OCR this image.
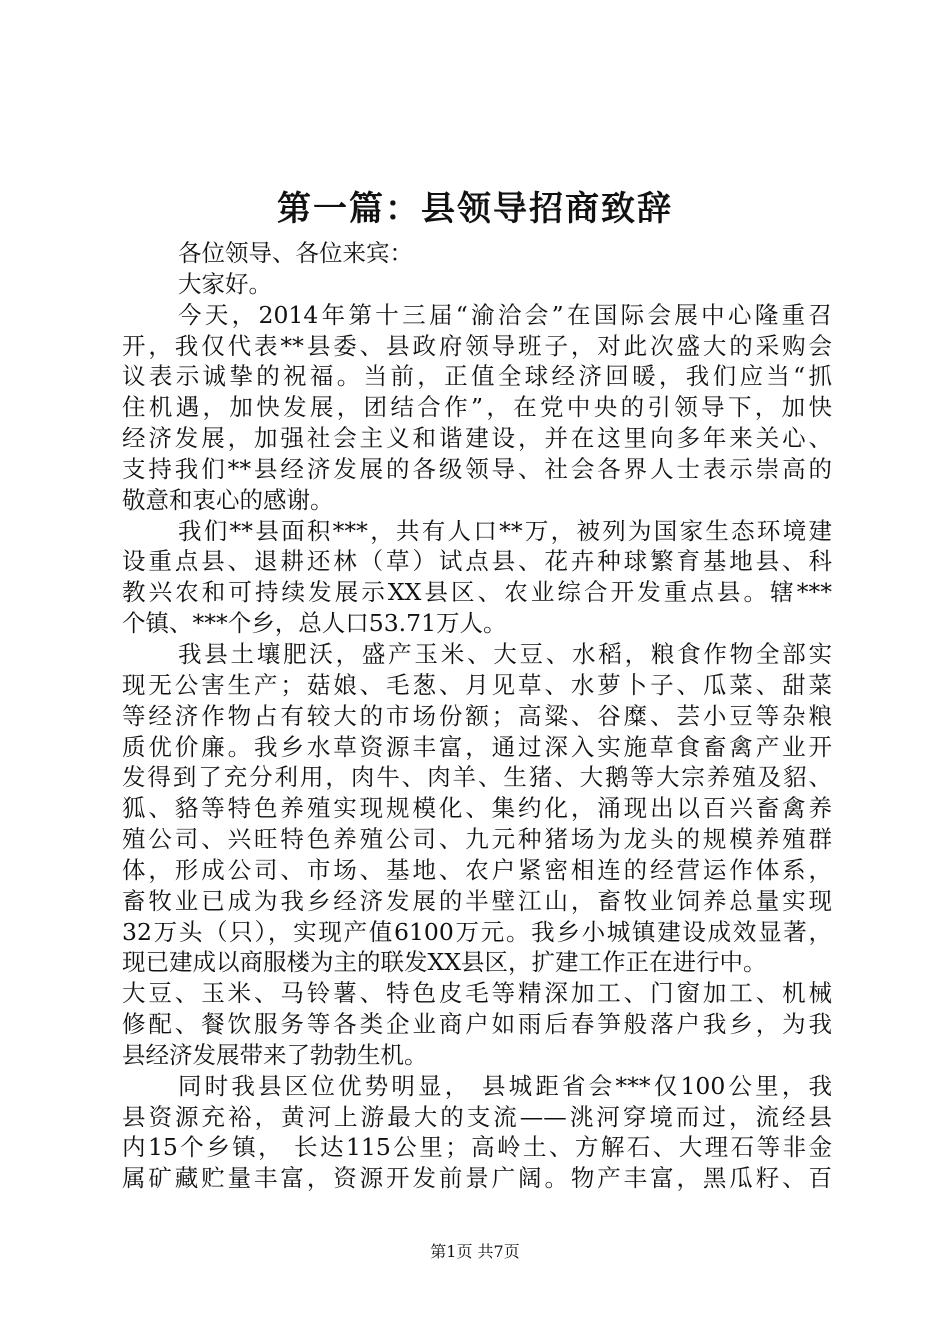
第一篇：县领导招商致辞
各位领导、各位来宾：
大家好。
今天，2014年第十三届“渝洽会”在国际会展中心隆重召
开，我仅代表**县委、县政府领导班子，对此次盛大的采购会
议表示诚挚的祝福。当前，正值全球经济回暖，我们应当“抓
住机遇，加快发展，团结合作”，在党中央的引领导下，加快
经济发展，加强社会主义和谐建设，并在这里向多年来关心、
支持我们**县经济发展的各级领导、社会各界人士表示崇高的
敬意和衷心的感谢。
我们**县面积***，共有人口**万，被列为国家生态环境建
设重点县、退耕还林（草）试点县、花卉种球繁育基地县、科
教兴农和可持续发展示XX县区、农业综合开发重点县。辖***
个镇、***个乡，总人口53.71万人。
我县土壤肥沃，盛产玉米、大豆、水稻，粮食作物全部实
现无公害生产；菇娘、毛葱、月见草、水萝卜子、瓜菜、甜菜
等经济作物占有较大的市场份额；高粱、谷糜、芸小豆等杂粮
质优价廉。我乡水草资源丰富，通过深入实施草食畜禽产业开
发得到了充分利用，肉牛、肉羊、生猪、大鹅等大宗养殖及貂、
狐、貉等特色养殖实现规模化、集约化，涌现出以百兴畜禽养
殖公司、兴旺特色养殖公司、九元种猪场为龙头的规模养殖群
体，形成公司、市场、基地、农户紧密相连的经营运作体系，
畜牧业已成为我乡经济发展的半壁江山，畜牧业饲养总量实现
32万头（只），实现产值6100万元。我乡小城镇建设成效显著，
现已建成以商服楼为主的联发XX县区，扩建工作正在进行中。
大豆、玉米、马铃薯、特色皮毛等精深加工、门窗加工、机械
修配、餐饮服务等各类企业商户如雨后春笋般落户我乡，为我
县经济发展带来了勃勃生机。
同时我县区位优势明显， 县城距省会***仅100公里，我
县资源充裕，黄河上游最大的支流——洮河穿境而过，流经县
内15个乡镇， 长达115公里；高岭土、方解石、大理石等非金
属矿藏贮量丰富，资源开发前景广阔。物产丰富，黑瓜籽、百
第1页 共7页
